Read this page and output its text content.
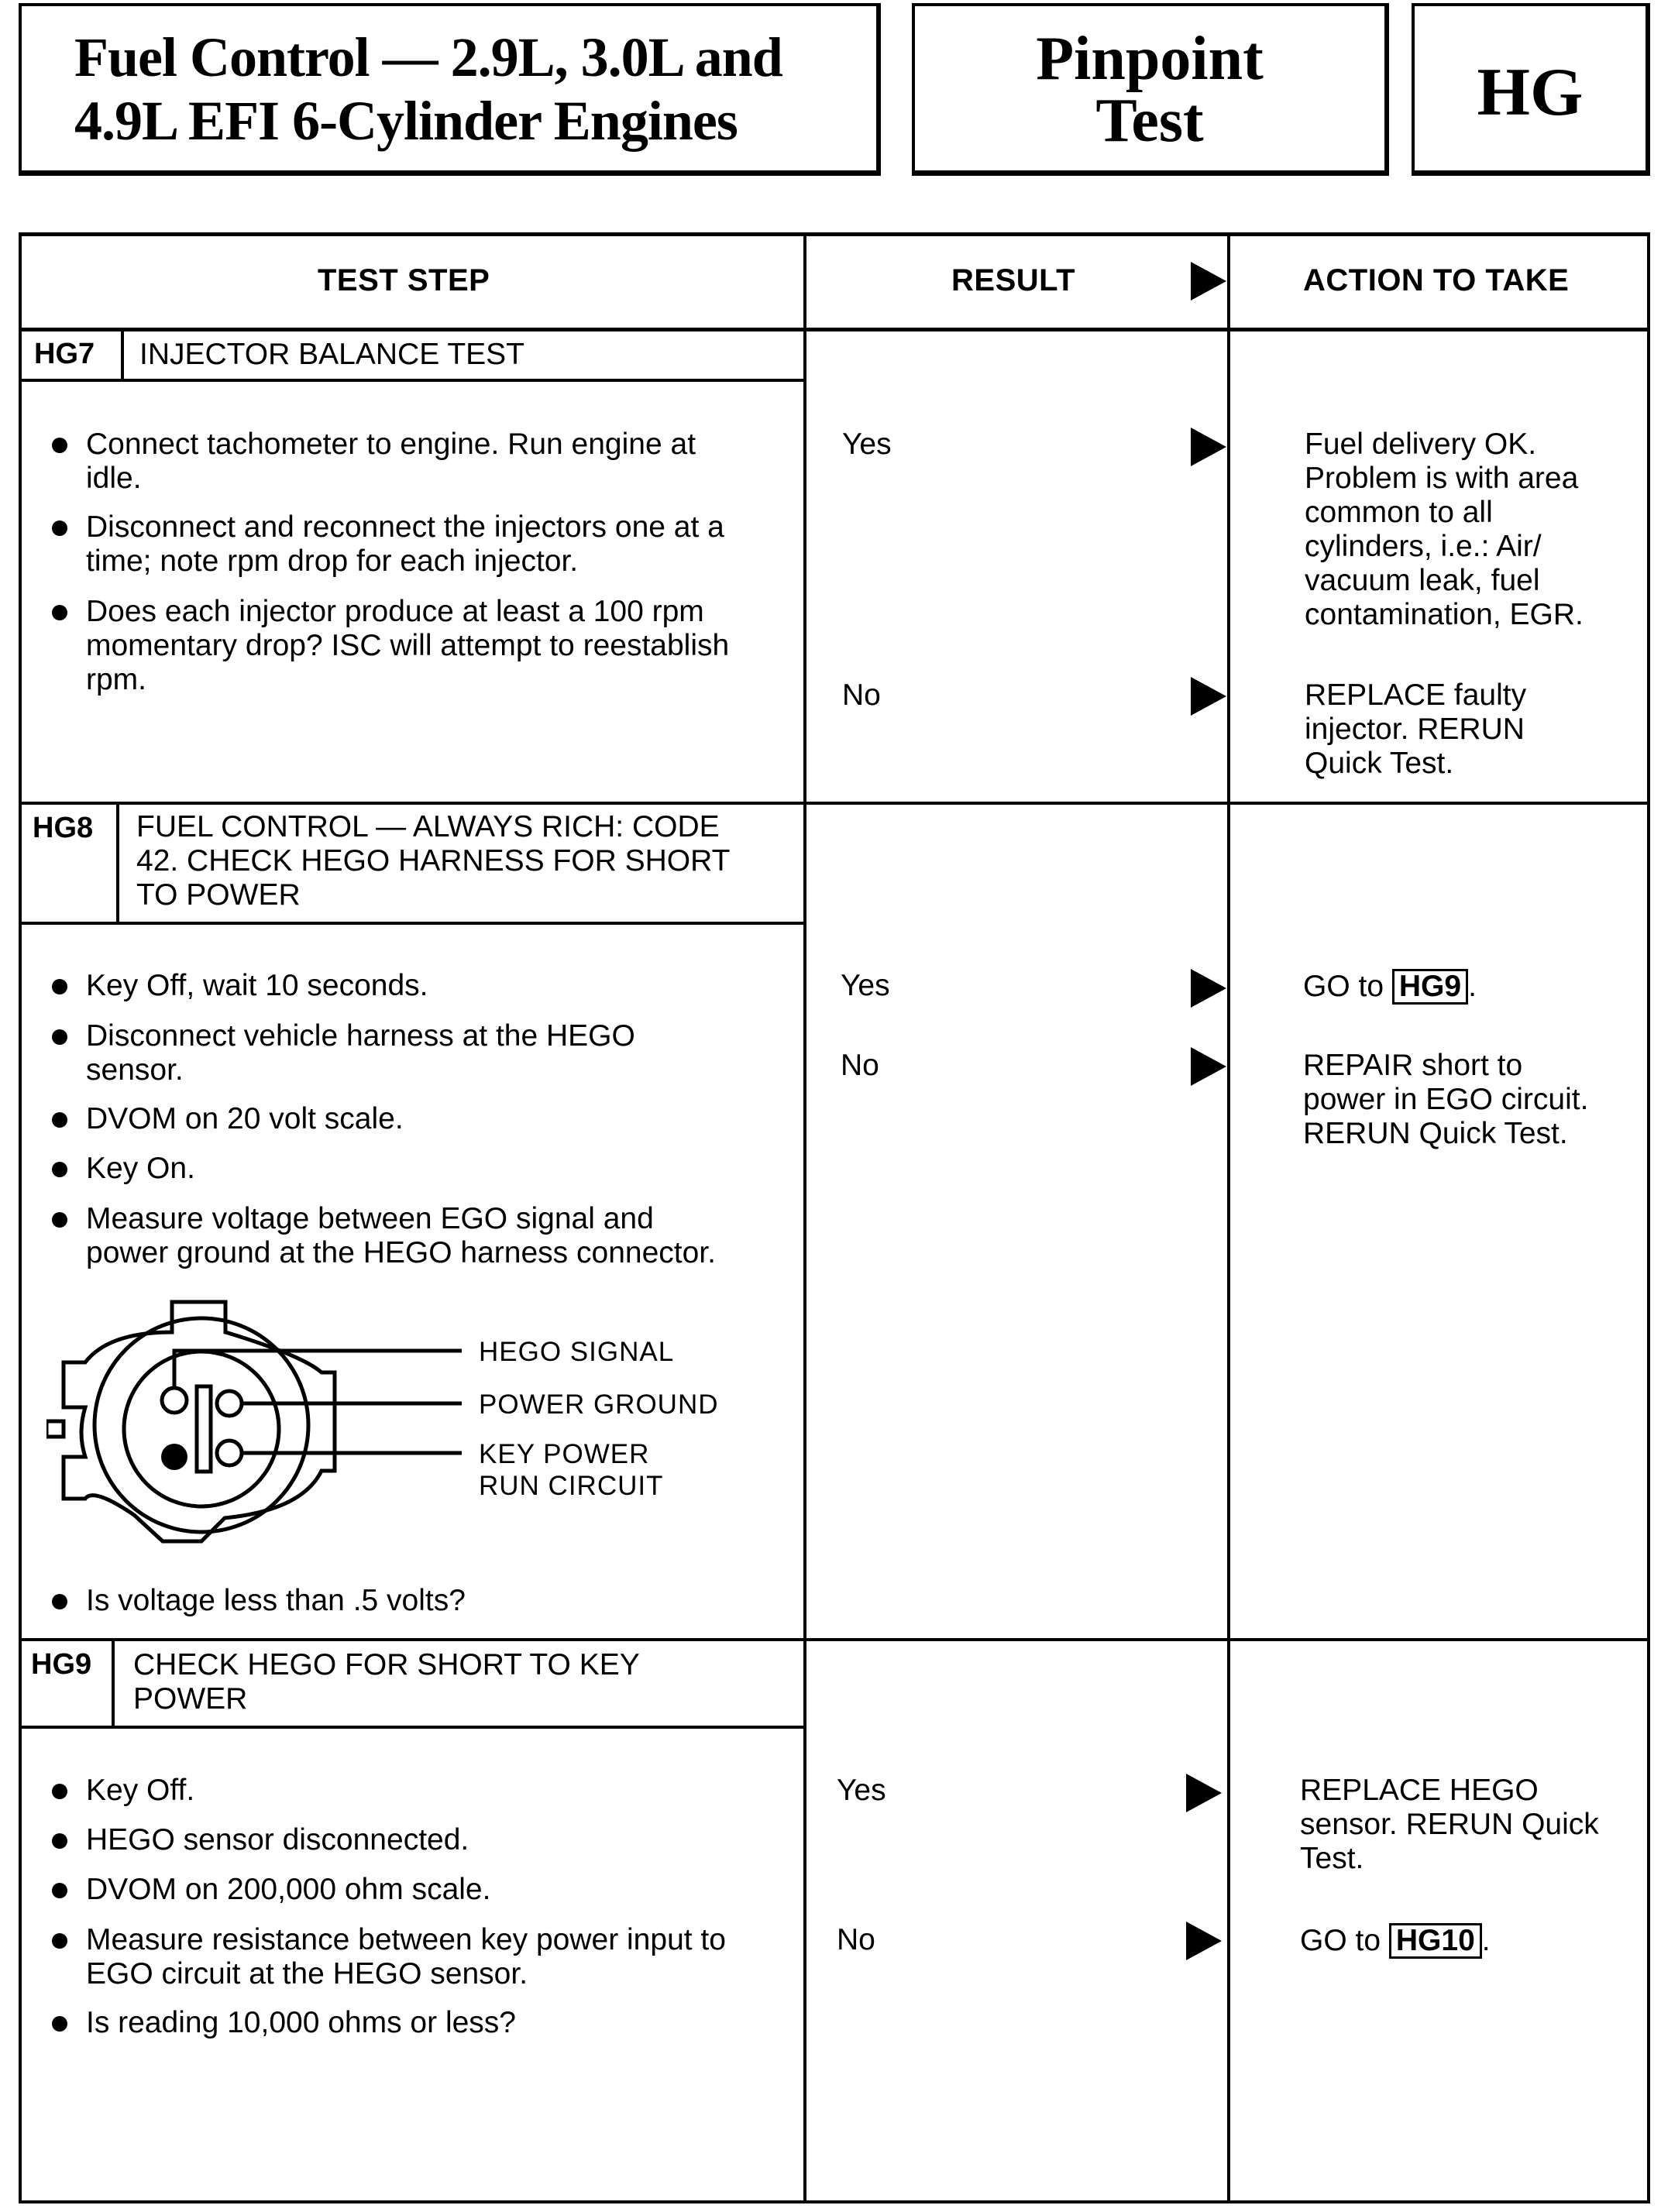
Fuel Control — 2.9L, 3.0L and
4.9L EFI 6-Cylinder Engines
Pinpoint
Test	HG
TEST STEP	RESULT	ACTION TO TAKE
HG7 INJECTOR BALANCE TEST
Connect tachometer to engine. Run engine at
idle.
Disconnect and reconnect the injectors one at a
time; note rpm drop for each injector.
Does each injector produce at least a 100 rpm
momentary drop? ISC will attempt to reestablish
rpm.
Yes	Fuel delivery OK.
Problem is with area
common to all
cylinders, i.e.: Air/
vacuum leak, fuel
contamination, EGR.
No	REPLACE faulty
injector. RERUN
Quick Test.
HG8 FUEL CONTROL — ALWAYS RICH: CODE
42. CHECK HEGO HARNESS FOR SHORT
TO POWER
Key Off, wait 10 seconds.
Disconnect vehicle harness at the HEGO
sensor.
DVOM on 20 volt scale.
Key On.
Measure voltage between EGO signal and
power ground at the HEGO harness connector.
HEGO SIGNAL
POWER GROUND
KEY POWER
RUN CIRCUIT
Is voltage less than .5 volts?
Yes	GO to HG9 .
No	REPAIR short to
power in EGO circuit.
RERUN Quick Test.
HG9 CHECK HEGO FOR SHORT TO KEY
POWER
Key Off.
HEGO sensor disconnected.
DVOM on 200,000 ohm scale.
Measure resistance between key power input to
EGO circuit at the HEGO sensor.
Is reading 10,000 ohms or less?
Yes	REPLACE HEGO
sensor. RERUN Quick
Test.
No	GO to HG10 .
